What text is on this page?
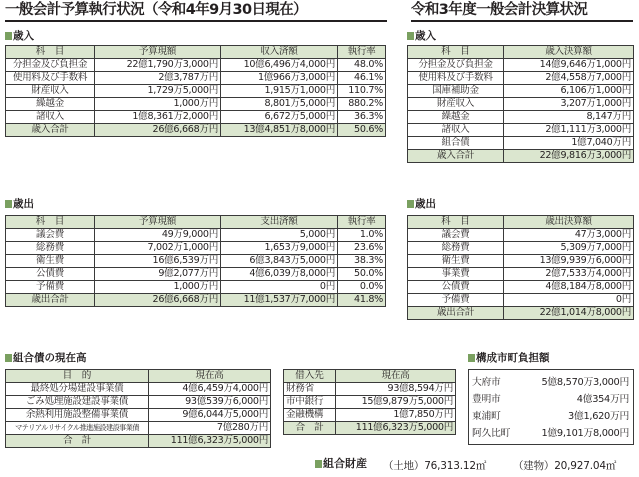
一般会計予算執行状況（令和4年9月30日現在）	令和3年度一般会計決算状況
歳入
科　目	予算現額	収入済額	執行率
分担金及び負担金	22億1,790万3,000円	10億6,496万4,000円	48.0%
使用料及び手数料	2億3,787万円	1億966万3,000円	46.1%
財産収入	1,729万5,000円	1,915万1,000円	110.7%
繰越金	1,000万円	8,801万5,000円	880.2%
諸収入	1億8,361万2,000円	6,672万5,000円	36.3%
歳入合計	26億6,668万円	13億4,851万8,000円	50.6%
歳出
科　目	予算現額	支出済額	執行率
議会費	49万9,000円	5,000円	1.0%
総務費	7,002万1,000円	1,653万9,000円	23.6%
衛生費	16億6,539万円	6億3,843万5,000円	38.3%
公債費	9億2,077万円	4億6,039万8,000円	50.0%
予備費	1,000万円	0円	0.0%
歳出合計	26億6,668万円	11億1,537万7,000円	41.8%
歳入
科　目	歳入決算額
分担金及び負担金	14億9,646万1,000円
使用料及び手数料	2億4,558万7,000円
国庫補助金	6,106万1,000円
財産収入	3,207万1,000円
繰越金	8,147万円
諸収入	2億1,111万3,000円
組合債	1億7,040万円
歳入合計	22億9,816万3,000円
歳出
科　目	歳出決算額
議会費	47万3,000円
総務費	5,309万7,000円
衛生費	13億9,939万6,000円
事業費	2億7,533万4,000円
公債費	4億8,184万8,000円
予備費	0円
歳出合計	22億1,014万8,000円
組合債の現在高
目　的	現在高
最終処分場建設事業債	4億6,459万4,000円
ごみ処理施設建設事業債	93億539万6,000円
余熱利用施設整備事業債	9億6,044万5,000円
マテリアルリサイクル推進施設建設事業債	7億280万円
合　計	111億6,323万5,000円
借入先	現在高
財務省	93億8,594万円
市中銀行	15億9,879万5,000円
金融機構	1億7,850万円
合　計	111億6,323万5,000円
構成市町負担額
大府市	5億8,570万3,000円
豊明市	4億354万円
東浦町	3億1,620万円
阿久比町	1億9,101万8,000円
組合財産 （土地）76,313.12㎡	（建物）20,927.04㎡
